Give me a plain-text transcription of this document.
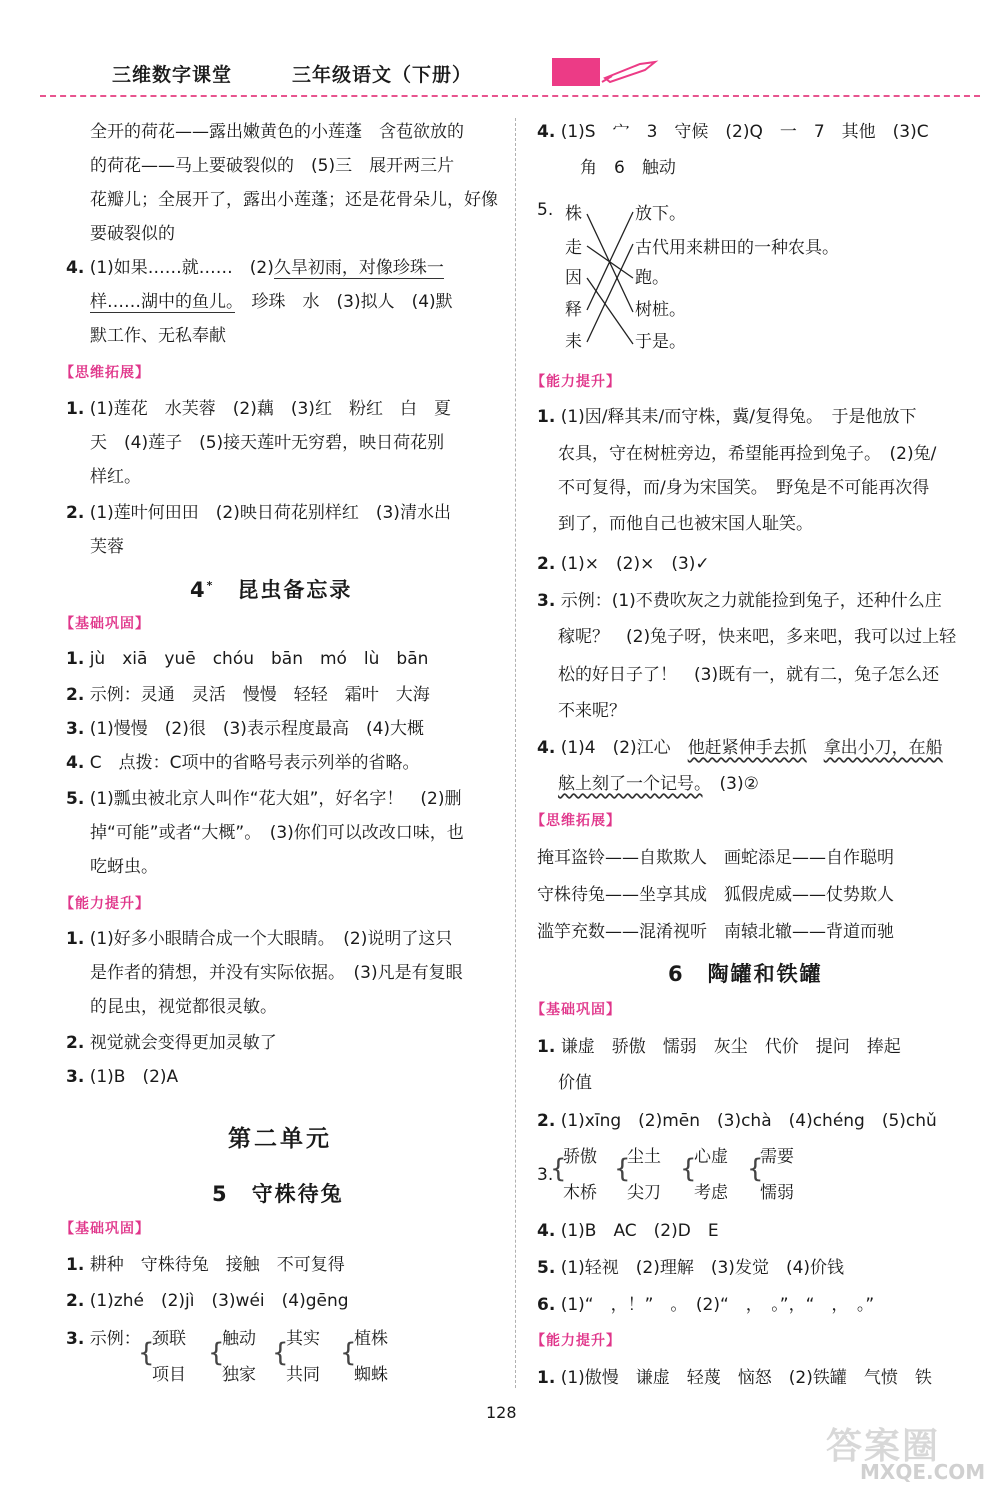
三维数字课堂	三年级语文（下册）
全开的荷花——露出嫩黄色的小莲蓬　含苞欲放的
的荷花——马上要破裂似的　(5)三　展开两三片
花瓣儿；全展开了，露出小莲蓬；还是花骨朵儿，好像
要破裂似的
4. (1)如果……就……　(2)久旱初雨，对像珍珠一
样……湖中的鱼儿。　珍珠　水　(3)拟人　(4)默
默工作、无私奉献
【思维拓展】
1. (1)莲花　水芙蓉　(2)藕　(3)红　粉红　白　夏
天　(4)莲子　(5)接天莲叶无穷碧，映日荷花别
样红。
2. (1)莲叶何田田　(2)映日荷花别样红　(3)清水出
芙蓉
4*　 昆虫备忘录
【基础巩固】
1. jù　xiā　yuē　chóu　bān　mó　lù　bān
2. 示例：灵通　灵活　慢慢　轻轻　霜叶　大海
3. (1)慢慢　(2)很　(3)表示程度最高　(4)大概
4. C　点拨：C项中的省略号表示列举的省略。
5. (1)瓢虫被北京人叫作“花大姐”，好名字！　(2)删
掉“可能”或者“大概”。　(3)你们可以改改口味，也
吃蚜虫。
【能力提升】
1. (1)好多小眼睛合成一个大眼睛。　(2)说明了这只
是作者的猜想，并没有实际依据。　(3)凡是有复眼
的昆虫，视觉都很灵敏。
2. 视觉就会变得更加灵敏了
3. (1)B　(2)A
第二单元
5　 守株待兔
【基础巩固】
1. 耕种　守株待兔　接触　不可复得
2. (1)zhé　(2)jì　(3)wéi　(4)gēng
3. 示例：
{
颈联
项目
{
触动
独家
{
其实
共同
{
植株
蜘蛛
4. (1)S　宀　3　守候　(2)Q　一　7　其他　(3)C
角　6　触动
5. 株
走
因
释
耒
放下。
古代用来耕田的一种农具。
跑。
树桩。
于是。
【能力提升】
1. (1)因/释其耒/而守株，冀/复得兔。　于是他放下
农具，守在树桩旁边，希望能再捡到兔子。　(2)兔/
不可复得，而/身为宋国笑。　野兔是不可能再次得
到了，而他自己也被宋国人耻笑。
2. (1)×　(2)×　(3)✓
3. 示例：(1)不费吹灰之力就能捡到兔子，还种什么庄
稼呢？　(2)兔子呀，快来吧，多来吧，我可以过上轻
松的好日子了！　(3)既有一，就有二，兔子怎么还
不来呢？
4. (1)4　(2)江心　他赶紧伸手去抓　 拿出小刀，在船
舷上刻了一个记号。　(3)②
【思维拓展】
掩耳盗铃——自欺欺人　画蛇添足——自作聪明
守株待兔——坐享其成　狐假虎威——仗势欺人
滥竽充数——混淆视听　南辕北辙——背道而驰
6　 陶罐和铁罐
【基础巩固】
1. 谦虚　骄傲　懦弱　灰尘　代价　提问　捧起
价值
2. (1)xīng　(2)mēn　(3)chà　(4)chéng　(5)chǔ
3.
{
骄傲
木桥
{
尘土
尖刀
{
心虚
考虑
{
需要
懦弱
4. (1)B　AC　(2)D　E
5. (1)轻视　(2)理解　(3)发觉　(4)价钱
6. (1)“　，！”　。　(2)“　，　。”，“　，　。”
【能力提升】
1. (1)傲慢　谦虚　轻蔑　恼怒　(2)铁罐　气愤　铁
128
答案圈
MXQE.COM
